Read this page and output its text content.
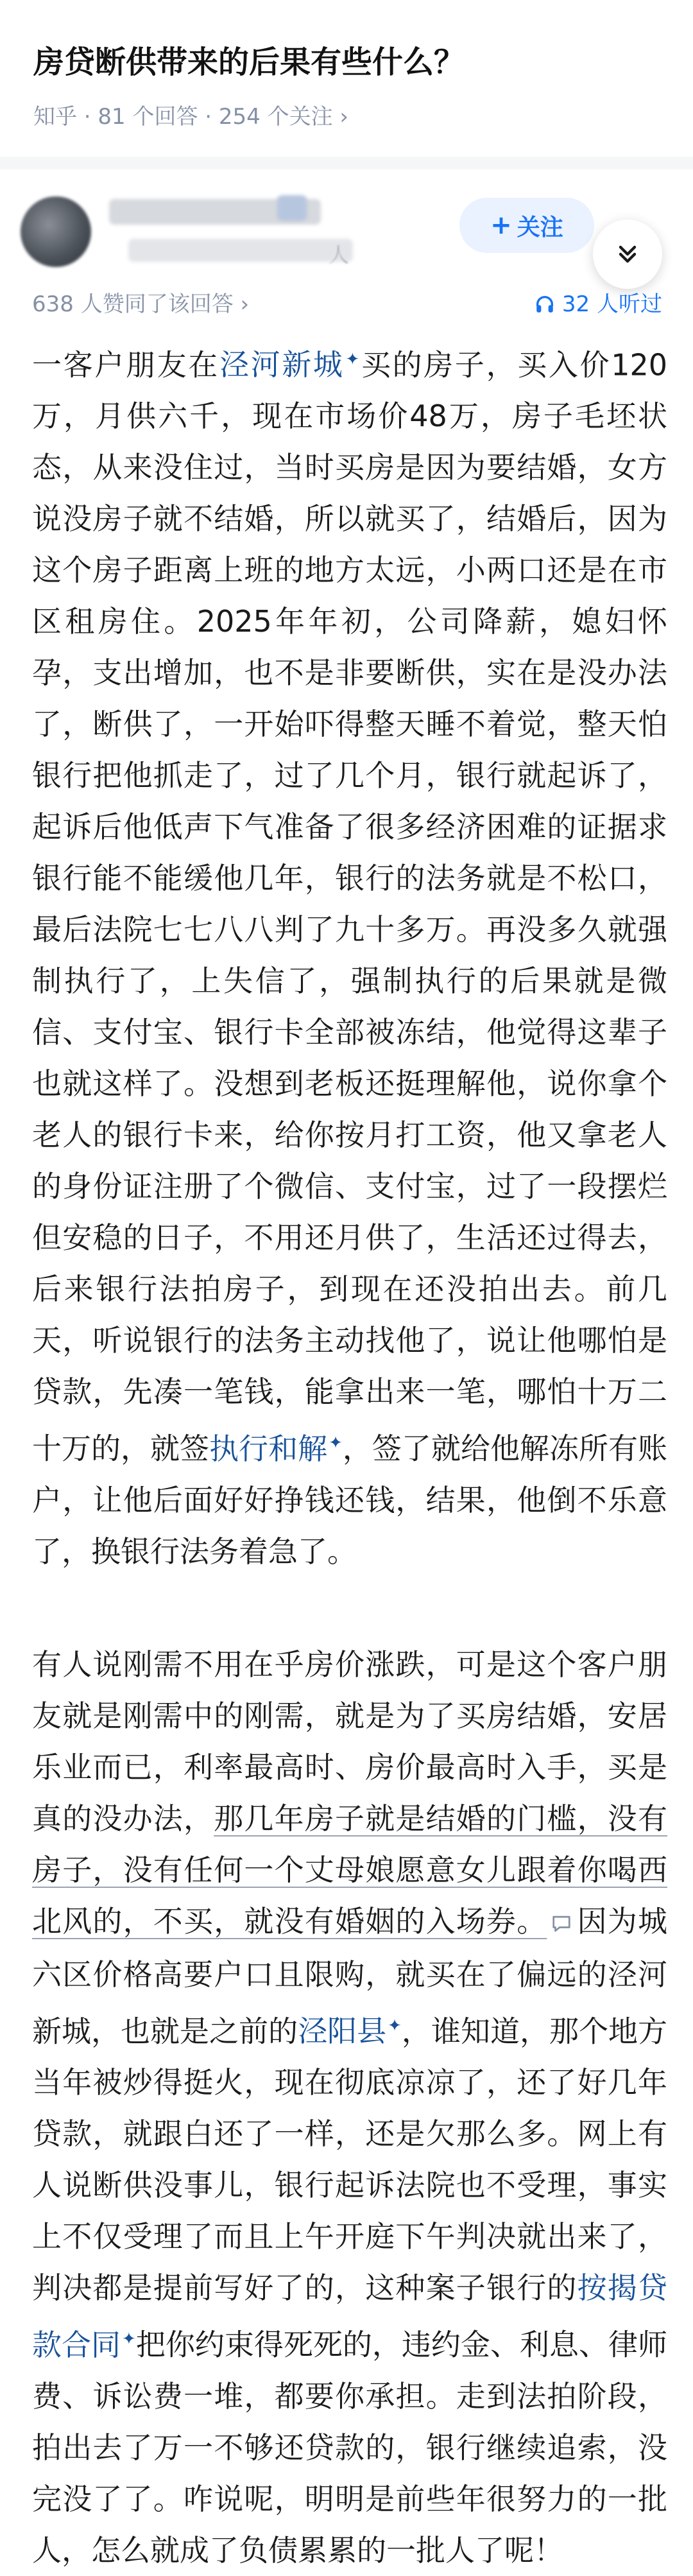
房贷断供带来的后果有些什么？
知乎 · 81 个回答 · 254 个关注 ›
人
+ 关注
638 人赞同了该回答 ›	32 人听过

一客户朋友在泾河新城✦买的房子，买入价120万，月供六千，现在市场价48万，房子毛坯状态，从来没住过，当时买房是因为要结婚，女方说没房子就不结婚，所以就买了，结婚后，因为这个房子距离上班的地方太远，小两口还是在市区租房住。2025年年初，公司降薪，媳妇怀孕，支出增加，也不是非要断供，实在是没办法了，断供了，一开始吓得整天睡不着觉，整天怕银行把他抓走了，过了几个月，银行就起诉了，起诉后他低声下气准备了很多经济困难的证据求银行能不能缓他几年，银行的法务就是不松口，最后法院七七八八判了九十多万。再没多久就强制执行了，上失信了，强制执行的后果就是微信、支付宝、银行卡全部被冻结，他觉得这辈子也就这样了。没想到老板还挺理解他，说你拿个老人的银行卡来，给你按月打工资，他又拿老人的身份证注册了个微信、支付宝，过了一段摆烂但安稳的日子，不用还月供了，生活还过得去，后来银行法拍房子，到现在还没拍出去。前几天，听说银行的法务主动找他了，说让他哪怕是贷款，先凑一笔钱，能拿出来一笔，哪怕十万二十万的，就签执行和解✦，签了就给他解冻所有账户，让他后面好好挣钱还钱，结果，他倒不乐意了，换银行法务着急了。

有人说刚需不用在乎房价涨跌，可是这个客户朋友就是刚需中的刚需，就是为了买房结婚，安居乐业而已，利率最高时、房价最高时入手，买是真的没办法，那几年房子就是结婚的门槛，没有房子，没有任何一个丈母娘愿意女儿跟着你喝西北风的，不买，就没有婚姻的入场券。 因为城六区价格高要户口且限购，就买在了偏远的泾河新城，也就是之前的泾阳县✦，谁知道，那个地方当年被炒得挺火，现在彻底凉凉了，还了好几年贷款，就跟白还了一样，还是欠那么多。网上有人说断供没事儿，银行起诉法院也不受理，事实上不仅受理了而且上午开庭下午判决就出来了，判决都是提前写好了的，这种案子银行的按揭贷款合同✦把你约束得死死的，违约金、利息、律师费、诉讼费一堆，都要你承担。走到法拍阶段，拍出去了万一不够还贷款的，银行继续追索，没完没了了。咋说呢，明明是前些年很努力的一批人，怎么就成了负债累累的一批人了呢！
